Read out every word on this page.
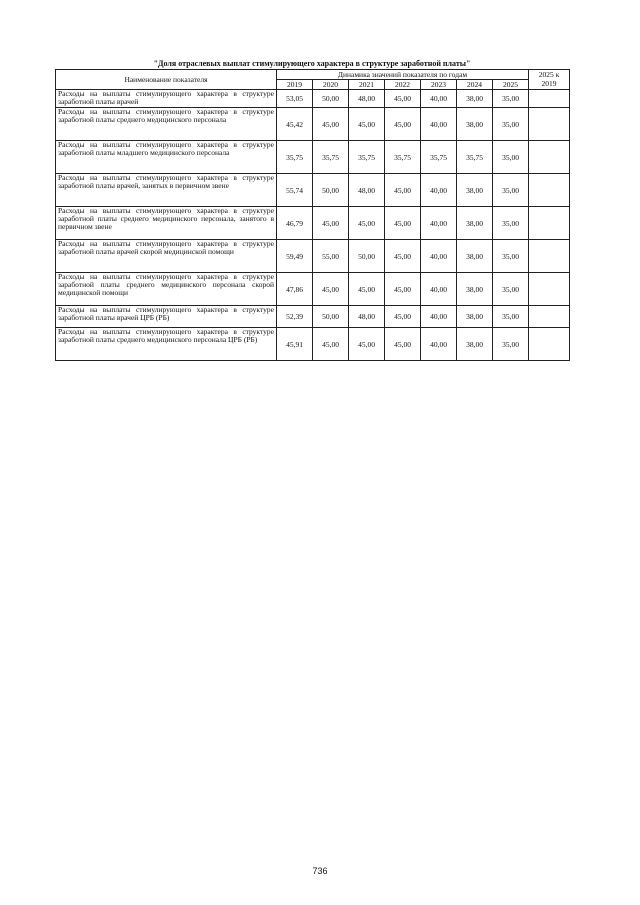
"Доля отраслевых выплат стимулирующего характера в структуре заработной платы"
Наименование показателя	Динамика значений показателя по годам							2025 к 2019
	2019	2020	2021	2022	2023	2024	2025	
Расходы на выплаты стимулирующего характера в структуре заработной платы врачей	53,05	50,00	48,00	45,00	40,00	38,00	35,00	
Расходы на выплаты стимулирующего характера в структуре заработной платы среднего медицинского персонала	45,42	45,00	45,00	45,00	40,00	38,00	35,00	
Расходы на выплаты стимулирующего характера в структуре заработной платы младшего медицинского персонала	35,75	35,75	35,75	35,75	35,75	35,75	35,00	
Расходы на выплаты стимулирующего характера в структуре заработной платы врачей, занятых в первичном звене	55,74	50,00	48,00	45,00	40,00	38,00	35,00	
Расходы на выплаты стимулирующего характера в структуре заработной платы среднего медицинского персонала, занятого в первичном звене	46,79	45,00	45,00	45,00	40,00	38,00	35,00	
Расходы на выплаты стимулирующего характера в структуре заработной платы врачей скорой медицинской помощи	59,49	55,00	50,00	45,00	40,00	38,00	35,00	
Расходы на выплаты стимулирующего характера в структуре заработной платы среднего медицинского персонала скорой медицинской помощи	47,86	45,00	45,00	45,00	40,00	38,00	35,00	
Расходы на выплаты стимулирующего характера в структуре заработной платы врачей ЦРБ (РБ)	52,39	50,00	48,00	45,00	40,00	38,00	35,00	
Расходы на выплаты стимулирующего характера в структуре заработной платы среднего медицинского персонала ЦРБ (РБ)	45,91	45,00	45,00	45,00	40,00	38,00	35,00	
736
